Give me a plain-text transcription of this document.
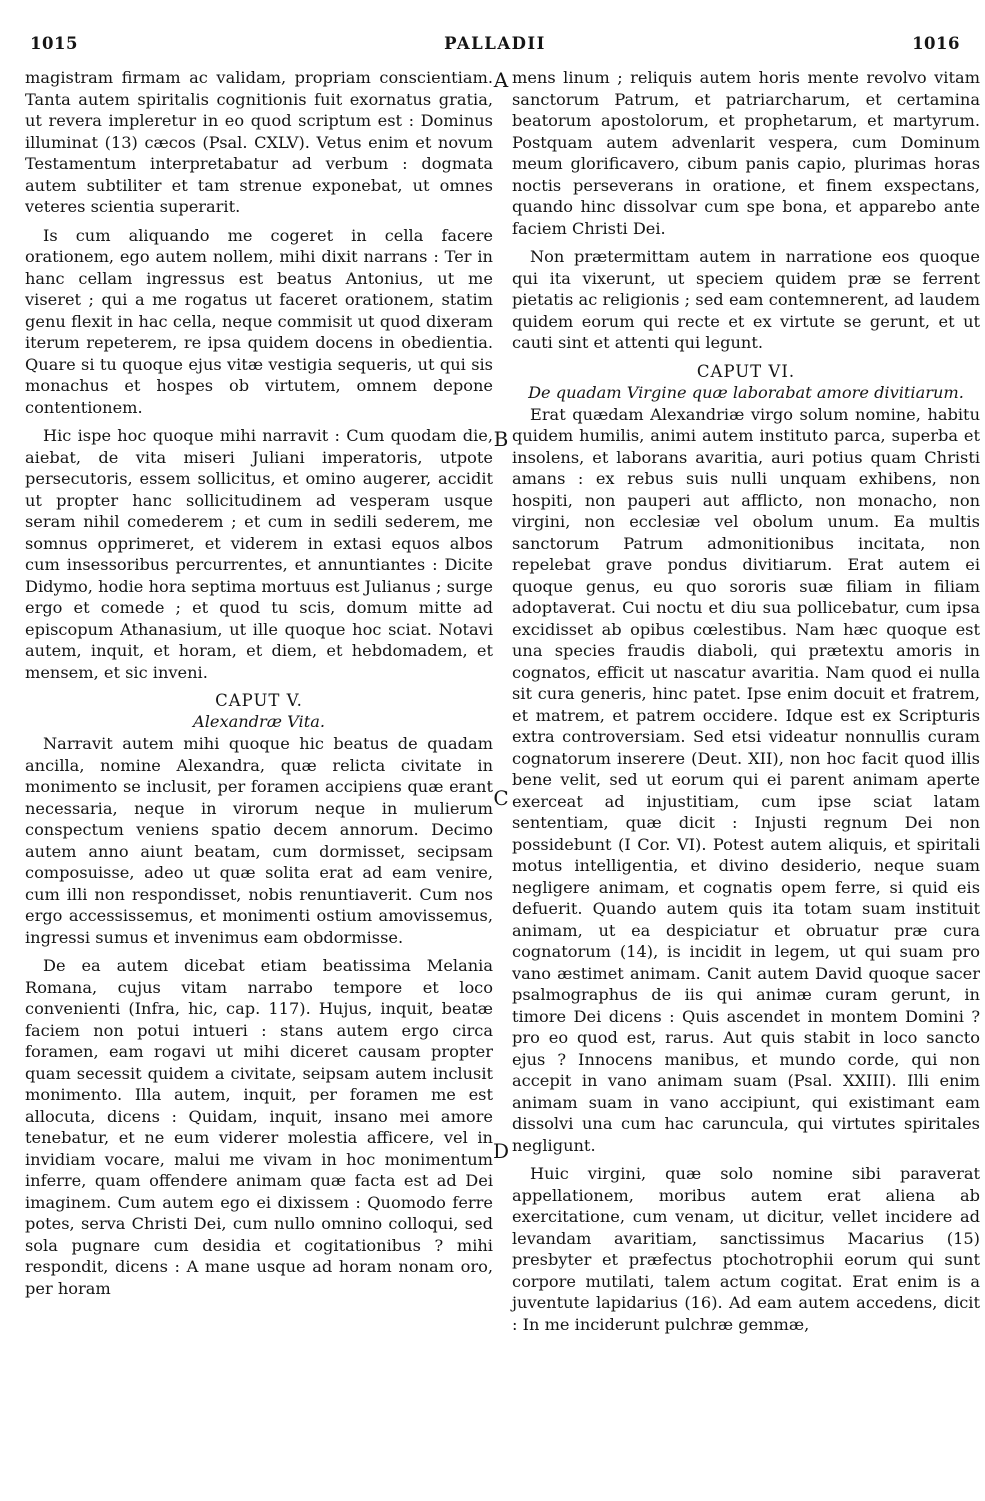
1015	PALLADII	1016
A
B
C
D

magistram firmam ac validam, propriam conscientiam. Tanta autem spiritalis cognitionis fuit exornatus gratia, ut revera impleretur in eo quod scriptum est : Dominus illuminat (13) cæcos (Psal. CXLV). Vetus enim et novum Testamentum interpretabatur ad verbum : dogmata autem subtiliter et tam strenue exponebat, ut omnes veteres scientia superarit.

Is cum aliquando me cogeret in cella facere orationem, ego autem nollem, mihi dixit narrans : Ter in hanc cellam ingressus est beatus Antonius, ut me viseret ; qui a me rogatus ut faceret orationem, statim genu flexit in hac cella, neque commisit ut quod dixeram iterum repeterem, re ipsa quidem docens in obedientia. Quare si tu quoque ejus vitæ vestigia sequeris, ut qui sis monachus et hospes ob virtutem, omnem depone contentionem.

Hic ispe hoc quoque mihi narravit : Cum quodam die, aiebat, de vita miseri Juliani imperatoris, utpote persecutoris, essem sollicitus, et omino augerer, accidit ut propter hanc sollicitudinem ad vesperam usque seram nihil comederem ; et cum in sedili sederem, me somnus opprimeret, et viderem in extasi equos albos cum insessoribus percurrentes, et annuntiantes : Dicite Didymo, hodie hora septima mortuus est Julianus ; surge ergo et comede ; et quod tu scis, domum mitte ad episcopum Athanasium, ut ille quoque hoc sciat. Notavi autem, inquit, et horam, et diem, et hebdomadem, et mensem, et sic inveni.

CAPUT V.
Alexandræ Vita.

Narravit autem mihi quoque hic beatus de quadam ancilla, nomine Alexandra, quæ relicta civitate in monimento se inclusit, per foramen accipiens quæ erant necessaria, neque in virorum neque in mulierum conspectum veniens spatio decem annorum. Decimo autem anno aiunt beatam, cum dormisset, secipsam composuisse, adeo ut quæ solita erat ad eam venire, cum illi non respondisset, nobis renuntiaverit. Cum nos ergo accessissemus, et monimenti ostium amovissemus, ingressi sumus et invenimus eam obdormisse.

De ea autem dicebat etiam beatissima Melania Romana, cujus vitam narrabo tempore et loco convenienti (Infra, hic, cap. 117). Hujus, inquit, beatæ faciem non potui intueri : stans autem ergo circa foramen, eam rogavi ut mihi diceret causam propter quam secessit quidem a civitate, seipsam autem inclusit monimento. Illa autem, inquit, per foramen me est allocuta, dicens : Quidam, inquit, insano mei amore tenebatur, et ne eum viderer molestia afficere, vel in invidiam vocare, malui me vivam in hoc monimentum inferre, quam offendere animam quæ facta est ad Dei imaginem. Cum autem ego ei dixissem : Quomodo ferre potes, serva Christi Dei, cum nullo omnino colloqui, sed sola pugnare cum desidia et cogitationibus ? mihi respondit, dicens : A mane usque ad horam nonam oro, per horam

mens linum ; reliquis autem horis mente revolvo vitam sanctorum Patrum, et patriarcharum, et certamina beatorum apostolorum, et prophetarum, et martyrum. Postquam autem advenlarit vespera, cum Dominum meum glorificavero, cibum panis capio, plurimas horas noctis perseverans in oratione, et finem exspectans, quando hinc dissolvar cum spe bona, et apparebo ante faciem Christi Dei.

Non prætermittam autem in narratione eos quoque qui ita vixerunt, ut speciem quidem præ se ferrent pietatis ac religionis ; sed eam contemnerent, ad laudem quidem eorum qui recte et ex virtute se gerunt, et ut cauti sint et attenti qui legunt.

CAPUT VI.
De quadam Virgine quæ laborabat amore divitiarum.

Erat quædam Alexandriæ virgo solum nomine, habitu quidem humilis, animi autem instituto parca, superba et insolens, et laborans avaritia, auri potius quam Christi amans : ex rebus suis nulli unquam exhibens, non hospiti, non pauperi aut afflicto, non monacho, non virgini, non ecclesiæ vel obolum unum. Ea multis sanctorum Patrum admonitionibus incitata, non repelebat grave pondus divitiarum. Erat autem ei quoque genus, eu quo sororis suæ filiam in filiam adoptaverat. Cui noctu et diu sua pollicebatur, cum ipsa excidisset ab opibus cœlestibus. Nam hæc quoque est una species fraudis diaboli, qui prætextu amoris in cognatos, efficit ut nascatur avaritia. Nam quod ei nulla sit cura generis, hinc patet. Ipse enim docuit et fratrem, et matrem, et patrem occidere. Idque est ex Scripturis extra controversiam. Sed etsi videatur nonnullis curam cognatorum inserere (Deut. XII), non hoc facit quod illis bene velit, sed ut eorum qui ei parent animam aperte exerceat ad injustitiam, cum ipse sciat latam sententiam, quæ dicit : Injusti regnum Dei non possidebunt (I Cor. VI). Potest autem aliquis, et spiritali motus intelligentia, et divino desiderio, neque suam negligere animam, et cognatis opem ferre, si quid eis defuerit. Quando autem quis ita totam suam instituit animam, ut ea despiciatur et obruatur præ cura cognatorum (14), is incidit in legem, ut qui suam pro vano æstimet animam. Canit autem David quoque sacer psalmographus de iis qui animæ curam gerunt, in timore Dei dicens : Quis ascendet in montem Domini ? pro eo quod est, rarus. Aut quis stabit in loco sancto ejus ? Innocens manibus, et mundo corde, qui non accepit in vano animam suam (Psal. XXIII). Illi enim animam suam in vano accipiunt, qui existimant eam dissolvi una cum hac carunculа, qui virtutes spiritales negligunt.

Huic virgini, quæ solo nomine sibi paraverat appellationem, moribus autem erat aliena ab exercitatione, cum venam, ut dicitur, vellet incidere ad levandam avaritiam, sanctissimus Macarius (15) presbyter et præfectus ptochotrophii eorum qui sunt corpore mutilati, talem actum cogitat. Erat enim is a juventute lapidarius (16). Ad eam autem accedens, dicit : In me inciderunt pulchræ gemmæ,
